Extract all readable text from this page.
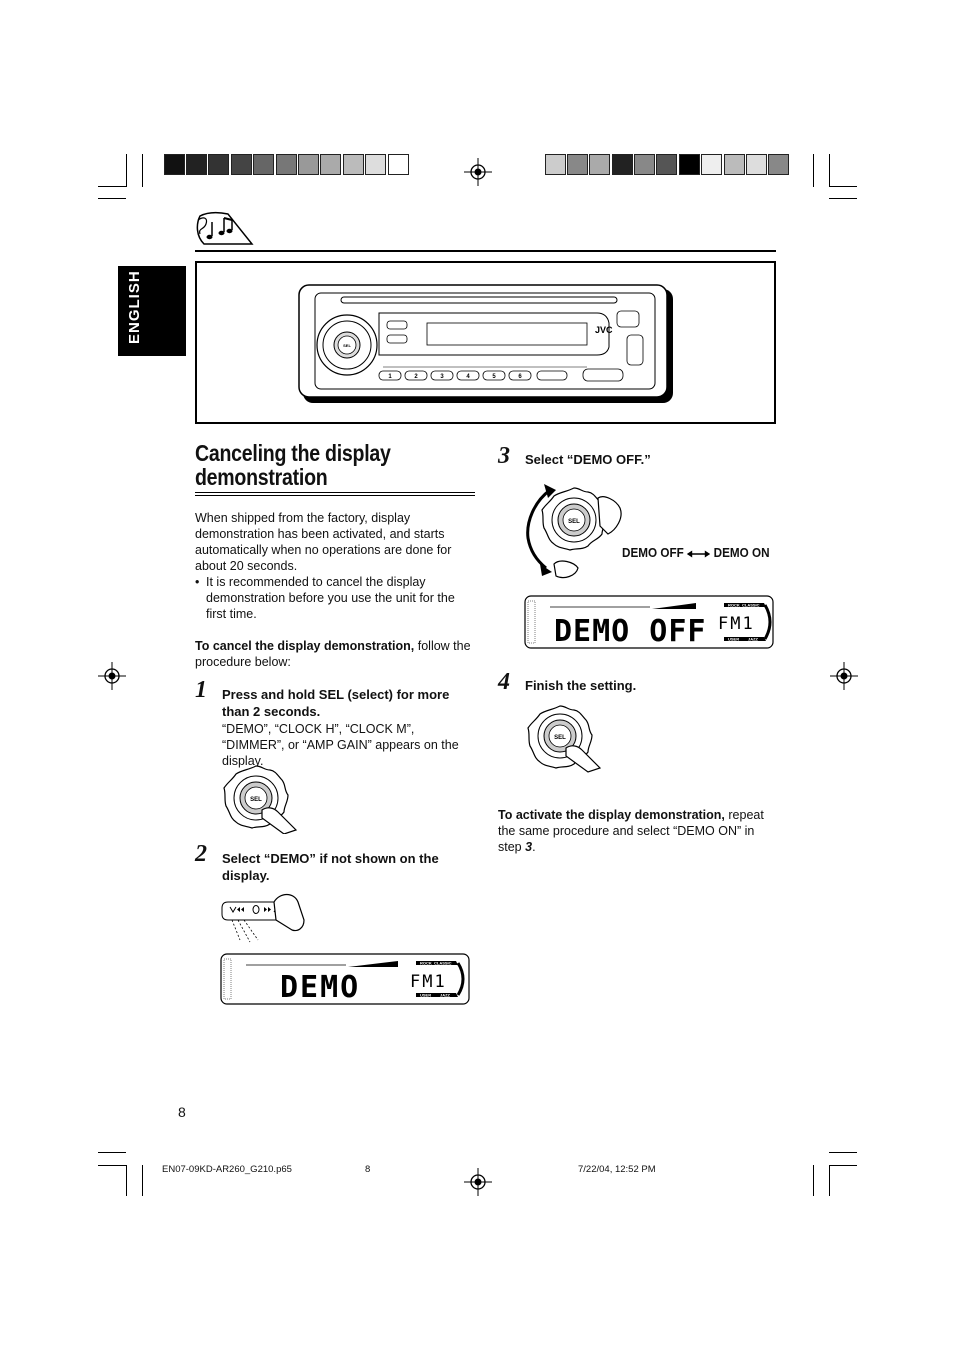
ENGLISH
SEL
JVC
1	2	3	4	5	6
Canceling the display demonstration
When shipped from the factory, display demonstration has been activated, and starts automatically when no operations are done for about 20 seconds.
• It is recommended to cancel the display demonstration before you use the unit for the first time.
To cancel the display demonstration, follow the procedure below:
1 Press and hold SEL (select) for more than 2 seconds.
“DEMO”, “CLOCK H”, “CLOCK M”, “DIMMER”, or “AMP GAIN” appears on the display.
SEL
2 Select “DEMO” if not shown on the display.
DEMO	FM1
ROCK CLASSIC
USER JAZZ
3 Select “DEMO OFF.”
SEL
DEMO OFF DEMO ON
DEMO OFF FM1
ROCK CLASSIC
USER JAZZ
4 Finish the setting.
SEL
To activate the display demonstration, repeat the same procedure and select “DEMO ON” in step 3.
8
EN07-09KD-AR260_G210.p65	8	7/22/04, 12:52 PM
